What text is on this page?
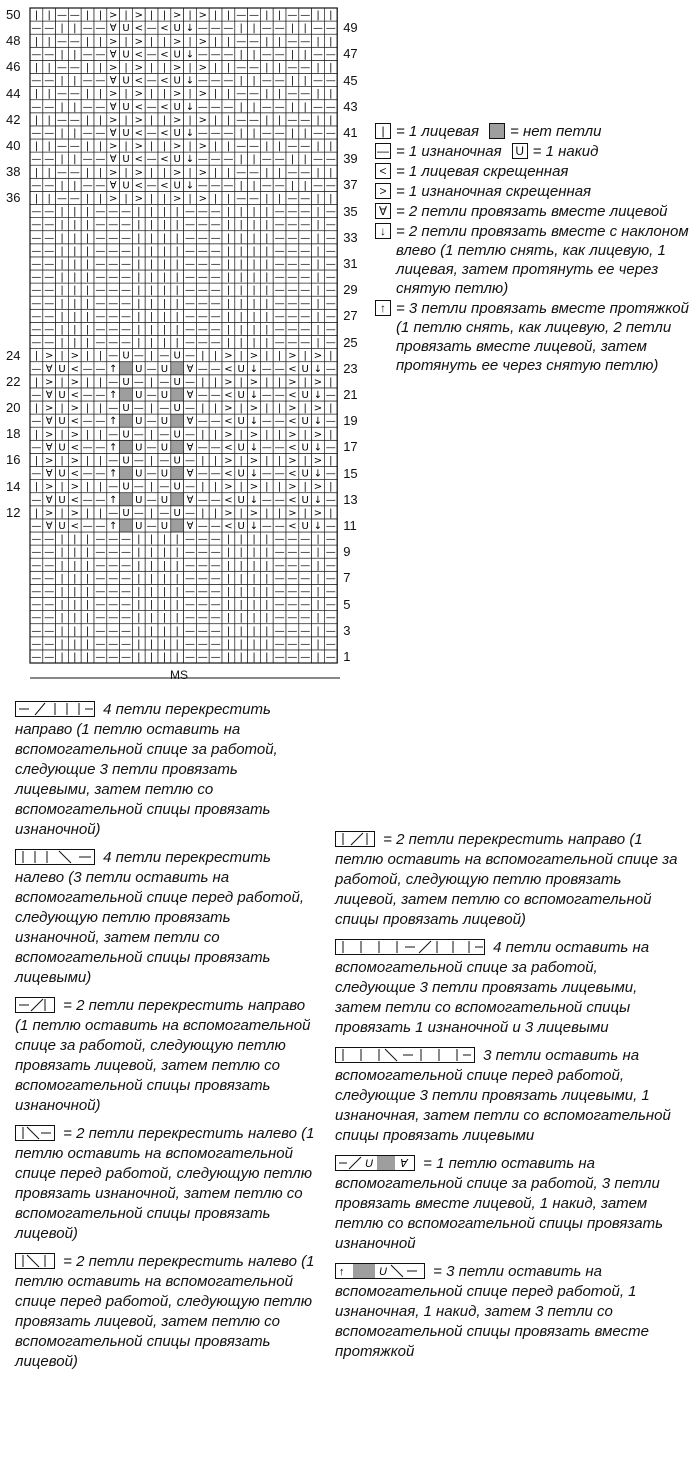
— — | | | — — — | | | | — — — | | | | — — — | —
— — | | | — — — | | | | — — — | | | | — — — | —
— — | | | — — — | | | | — — — | | | | — — — | —
— — | | | — — — | | | | — — — | | | | — — — | —
— — | | | — — — | | | | — — — | | | | — — — | —
— — | | | — — — | | | | — — — | | | | — — — | —
— — | | | — — — | | | | — — — | | | | — — — | —
— — | | | — — — | | | | — — — | | | | — — — | —
— — | | | — — — | | | | — — — | | | | — — — | —
— — | | | — — — | | | | — — — | | | | — — — | —
— ∀ U < — — ↑ U — U ∀ — — < U ↓ — — < U ↓ —
| > | > | | — U — | — U — | | > | > | | > | > |
— ∀ U < — — ↑ U — U ∀ — — < U ↓ — — < U ↓ —
| > | > | | — U — | — U — | | > | > | | > | > |
— ∀ U < — — ↑ U — U ∀ — — < U ↓ — — < U ↓ —
| > | > | | — U — | — U — | | > | > | | > | > |
— ∀ U < — — ↑ U — U ∀ — — < U ↓ — — < U ↓ —
| > | > | | — U — | — U — | | > | > | | > | > |
— ∀ U < — — ↑ U — U ∀ — — < U ↓ — — < U ↓ —
| > | > | | — U — | — U — | | > | > | | > | > |
— ∀ U < — — ↑ U — U ∀ — — < U ↓ — — < U ↓ —
| > | > | | — U — | — U — | | > | > | | > | > |
— ∀ U < — — ↑ U — U ∀ — — < U ↓ — — < U ↓ —
| > | > | | — U — | — U — | | > | > | | > | > |
— — | | | — — — | | | | — — — | | | | — — — | —
— — | | | — — — | | | | — — — | | | | — — — | —
— — | | | — — — | | | | — — — | | | | — — — | —
— — | | | — — — | | | | — — — | | | | — — — | —
— — | | | — — — | | | | — — — | | | | — — — | —
— — | | | — — — | | | | — — — | | | | — — — | —
— — | | | — — — | | | | — — — | | | | — — — | —
— — | | | — — — | | | | — — — | | | | — — — | —
— — | | | — — — | | | | — — — | | | | — — — | —
— — | | | — — — | | | | — — — | | | | — — — | —
— — | | | — — — | | | | — — — | | | | — — — | —
| | — — | | > | > | | > | > | | — — | | — — | |
— — | | — — ∀ U < — < U ↓ — — — | | — — | | — —
| | — — | | > | > | | > | > | | — — | | — — | |
— — | | — — ∀ U < — < U ↓ — — — | | — — | | — —
| | — — | | > | > | | > | > | | — — | | — — | |
— — | | — — ∀ U < — < U ↓ — — — | | — — | | — —
| | — — | | > | > | | > | > | | — — | | — — | |
— — | | — — ∀ U < — < U ↓ — — — | | — — | | — —
| | — — | | > | > | | > | > | | — — | | — — | |
— — | | — — ∀ U < — < U ↓ — — — | | — — | | — —
| | — — | | > | > | | > | > | | — — | | — — | |
— — | | — — ∀ U < — < U ↓ — — — | | — — | | — —
| | — — | | > | > | | > | > | | — — | | — — | |
— — | | — — ∀ U < — < U ↓ — — — | | — — | | — —
| | — — | | > | > | | > | > | | — — | | — — | |
MS
1
3
5
7
9
11
13
15
17
19
21
23
25
27
29
31
33
35
37
39
41
43
45
47
49
12
14
16
18
20
22
24
36
38
40
42
44
46
48
50
| = 1 лицевая = нет петли
— = 1 изнаночная U = 1 накид
< = 1 лицевая скрещенная
> = 1 изнаночная скрещенная
∀ = 2 петли провязать вместе лицевой
↓ = 2 петли провязать вместе с наклоном влево (1 петлю снять, как лицевую, 1 лицевая, затем протянуть ее через снятую петлю)
↑ = 3 петли провязать вместе протяжкой (1 петлю снять, как лицевую, 2 петли провязать вместе лицевой, затем протянуть ее через снятую петлю)
4 петли перекрестить направо (1 петлю оставить на вспомогательной спице за работой, следующие 3 петли провязать лицевыми, затем петлю со вспомогательной спицы провязать изнаночной)
4 петли перекрестить налево (3 петли оставить на вспомогательной спице перед работой, следующую петлю провязать изнаночной, затем петли со вспомогательной спицы провязать лицевыми)
= 2 петли перекрестить направо (1 петлю оставить на вспомогательной спице за работой, следующую петлю провязать лицевой, затем петлю со вспомогательной спицы провязать изнаночной)
= 2 петли перекрестить налево (1 петлю оставить на вспомогательной спице перед работой, следующую петлю провязать изнаночной, затем петлю со вспомогательной спицы провязать лицевой)
= 2 петли перекрестить налево (1 петлю оставить на вспомогательной спице перед работой, следующую петлю провязать лицевой, затем петлю со вспомогательной спицы провязать лицевой)
= 2 петли перекрестить направо (1 петлю оставить на вспомогательной спице за работой, следующую петлю провязать лицевой, затем петлю со вспомогательной спицы провязать лицевой)
4 петли оставить на вспомогательной спице за работой, следующие 3 петли провязать лицевыми, затем петли со вспомогательной спицы провязать 1 изнаночной и 3 лицевыми
3 петли оставить на вспомогательной спице перед работой, следующие 3 петли провязать лицевыми, 1 изнаночная, затем петли со вспомогательной спицы провязать лицевыми
U ∀ = 1 петлю оставить на вспомогательной спице за работой, 3 петли провязать вместе лицевой, 1 накид, затем петлю со вспомогательной спицы провязать изнаночной
↑	U	= 3 петли оставить на вспомогательной спице перед работой, 1 изнаночная, 1 накид, затем 3 петли со вспомогательной спицы провязать вместе протяжкой
